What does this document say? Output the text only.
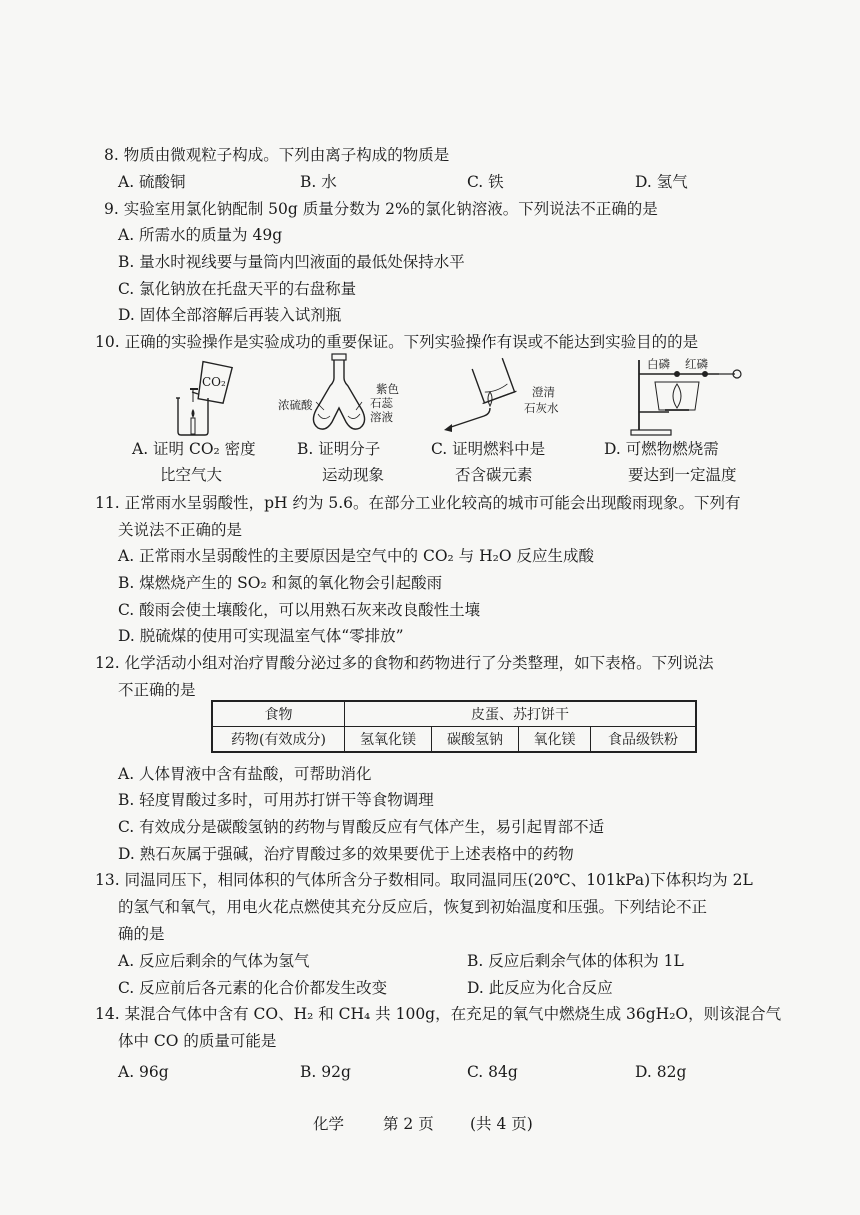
8. 物质由微观粒子构成。下列由离子构成的物质是
A. 硫酸铜	B. 水	C. 铁	D. 氢气
9. 实验室用氯化钠配制 50g 质量分数为 2%的氯化钠溶液。下列说法不正确的是
A. 所需水的质量为 49g
B. 量水时视线要与量筒内凹液面的最低处保持水平
C. 氯化钠放在托盘天平的右盘称量
D. 固体全部溶解后再装入试剂瓶
10. 正确的实验操作是实验成功的重要保证。下列实验操作有误或不能达到实验目的的是
CO₂
浓硫酸
紫色
石蕊
溶液
澄清
石灰水
白磷 红磷
A. 证明 CO₂ 密度
比空气大
B. 证明分子
运动现象
C. 证明燃料中是
否含碳元素
D. 可燃物燃烧需
要达到一定温度
11. 正常雨水呈弱酸性，pH 约为 5.6。在部分工业化较高的城市可能会出现酸雨现象。下列有
关说法不正确的是
A. 正常雨水呈弱酸性的主要原因是空气中的 CO₂ 与 H₂O 反应生成酸
B. 煤燃烧产生的 SO₂ 和氮的氧化物会引起酸雨
C. 酸雨会使土壤酸化，可以用熟石灰来改良酸性土壤
D. 脱硫煤的使用可实现温室气体“零排放”
12. 化学活动小组对治疗胃酸分泌过多的食物和药物进行了分类整理，如下表格。下列说法
不正确的是
食物	皮蛋、苏打饼干			
药物(有效成分)	氢氧化镁	碳酸氢钠	氧化镁	食品级铁粉
A. 人体胃液中含有盐酸，可帮助消化
B. 轻度胃酸过多时，可用苏打饼干等食物调理
C. 有效成分是碳酸氢钠的药物与胃酸反应有气体产生，易引起胃部不适
D. 熟石灰属于强碱，治疗胃酸过多的效果要优于上述表格中的药物
13. 同温同压下，相同体积的气体所含分子数相同。取同温同压(20℃、101kPa)下体积均为 2L
的氢气和氧气，用电火花点燃使其充分反应后，恢复到初始温度和压强。下列结论不正
确的是
A. 反应后剩余的气体为氢气	B. 反应后剩余气体的体积为 1L
C. 反应前后各元素的化合价都发生改变	D. 此反应为化合反应
14. 某混合气体中含有 CO、H₂ 和 CH₄ 共 100g，在充足的氧气中燃烧生成 36gH₂O，则该混合气
体中 CO 的质量可能是
A. 96g	B. 92g	C. 84g	D. 82g
化学	第 2 页 (共 4 页)
